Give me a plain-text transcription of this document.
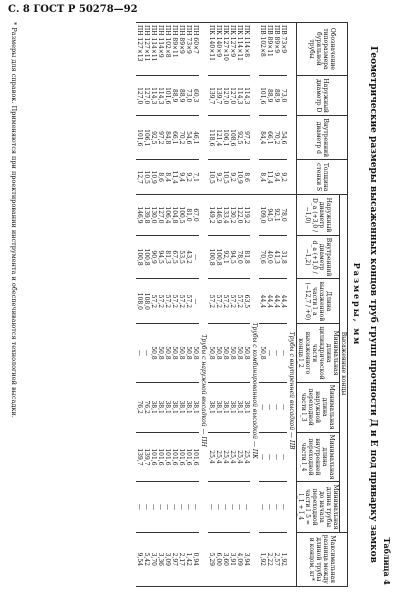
С. 8 ГОСТ Р 50278—92
Таблица 4
Геометрические размеры высаженных концов труб групп прочности Д и Е под приварку замков
Размеры, мм
Обозначение типоразмера бурильной трубы	Наружный диаметр D	Внутренний диаметр d	Толщина стенки S	Высаженные концы							Максимальная разница между длиной трубы и концом, кг*
				Наружный диаметр D_a (+3,0 / −1,0)	Внутренний диаметр d_a (+1,0 / −1,2)	Длина высаженной части l_a (−12,7 / +0)	Минимальная длина цилиндрической части высаженного конца l_2	Минимальная длина наружной переходной части l_3	Минимальная длина внутренней переходной части l_4	Минимальная длина трубы до начала переходной части l_5 = l_1 + l_4	
				Трубы с внутренней высадкой — ПВ							
ПВ 73×9	73,0	54,6	9,2	78,0	31,8	44,4	—	—	—	—	1,92
ПВ 89×9	88,9	70,2	9,4	92,1	41,3	44,4	—	—	—	—	2,57
ПВ 89×11	88,9	66,1	11,4	94,5	40,0	44,4	—	—	—	—	2,22
ПВ 102×8	101,6	84,4	8,4	109,0	70,6	44,4	50,8	—	—	—	1,92
				Трубы с комбинированной высадкой — ПК							
ПК 114×8	114,3	97,2	8,6	119,2	81,8	63,5	50,8	38,1	25,4	—	3,94
ПК 114×11	114,3	92,5	10,9	122,0	78,0	57,2	50,8	38,1	25,4	—	4,09
ПК 127×9	127,0	108,6	9,2	130,2	94,5	57,2	50,8	38,1	25,4	—	3,91
ПК 127×10	127,0	106,1	10,5	133,4	92,1	57,2	50,8	38,1	25,4	—	3,60
ПК 140×9	139,7	121,4	9,2	146,9	100,8	57,2	50,8	38,1	25,4	—	6,00
ПК 140×11	139,7	118,6	10,5	149,2	100,8	57,2	50,8	38,1	25,4	—	5,29
				Трубы с наружной высадкой — ПН							
ПН 60×7	60,3	46,1	7,1	67,0	—	—	50,8	38,1	101,6	—	0,94
ПН 73×9	73,0	54,6	9,2	81,0	43,2	57,2	50,8	38,1	101,6	—	1,42
ПН 89×9	88,9	70,2	9,4	100,5	53,5	57,2	50,8	38,1	101,6	—	2,17
ПН 89×11	88,9	66,1	11,4	104,8	67,5	57,2	50,8	38,1	101,6	—	2,97
ПН 102×8	101,6	84,8	8,4	106,4	81,3	57,2	50,8	38,1	101,6	—	3,09
ПН 114×9	114,3	97,2	8,6	127,0	94,5	57,2	50,8	38,1	101,6	—	3,36
ПН 114×11	114,3	92,5	10,9	130,0	90,9	57,2	50,8	38,1	101,6	—	3,70
ПН 127×11	127,0	106,1	10,5	139,8	100,8	108,0	—	76,2	139,7	—	5,42
ПН 127×13	127,0	101,6	12,7	146,9	100,8	108,0	—	76,2	139,7	—	9,54
* Размеры для справок. Применяются при проектировании инструмента и обеспечиваются технологией высадки.
